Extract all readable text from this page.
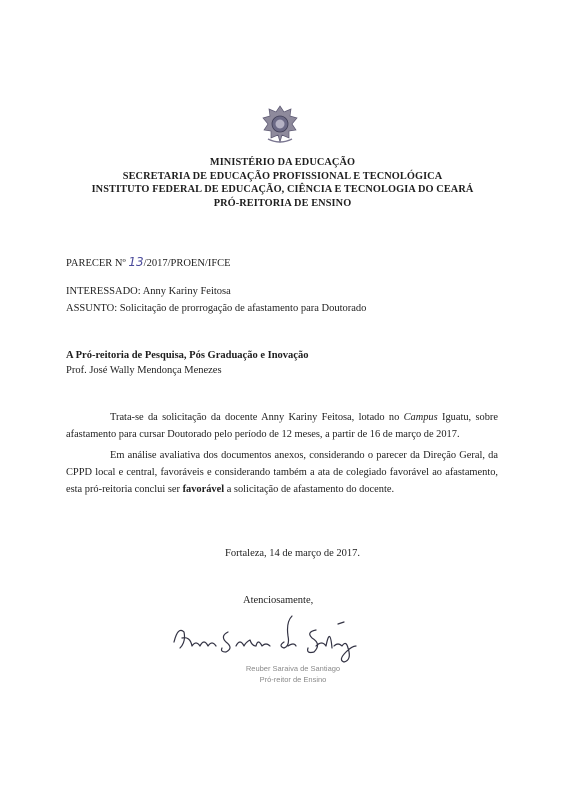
MINISTÉRIO DA EDUCAÇÃO
SECRETARIA DE EDUCAÇÃO PROFISSIONAL E TECNOLÓGICA
INSTITUTO FEDERAL DE EDUCAÇÃO, CIÊNCIA E TECNOLOGIA DO CEARÁ
PRÓ-REITORIA DE ENSINO
PARECER Nº 13/2017/PROEN/IFCE
INTERESSADO: Anny Kariny Feitosa
ASSUNTO: Solicitação de prorrogação de afastamento para Doutorado
A Pró-reitoria de Pesquisa, Pós Graduação e Inovação
Prof. José Wally Mendonça Menezes
Trata-se da solicitação da docente Anny Kariny Feitosa, lotado no Campus Iguatu, sobre afastamento para cursar Doutorado pelo período de 12 meses, a partir de 16 de março de 2017.
Em análise avaliativa dos documentos anexos, considerando o parecer da Direção Geral, da CPPD local e central, favoráveis e considerando também a ata de colegiado favorável ao afastamento, esta pró-reitoria conclui ser favorável a solicitação de afastamento do docente.
Fortaleza, 14 de março de 2017.
Atenciosamente,
Reuber Saraiva de Santiago
Pró-reitor de Ensino
